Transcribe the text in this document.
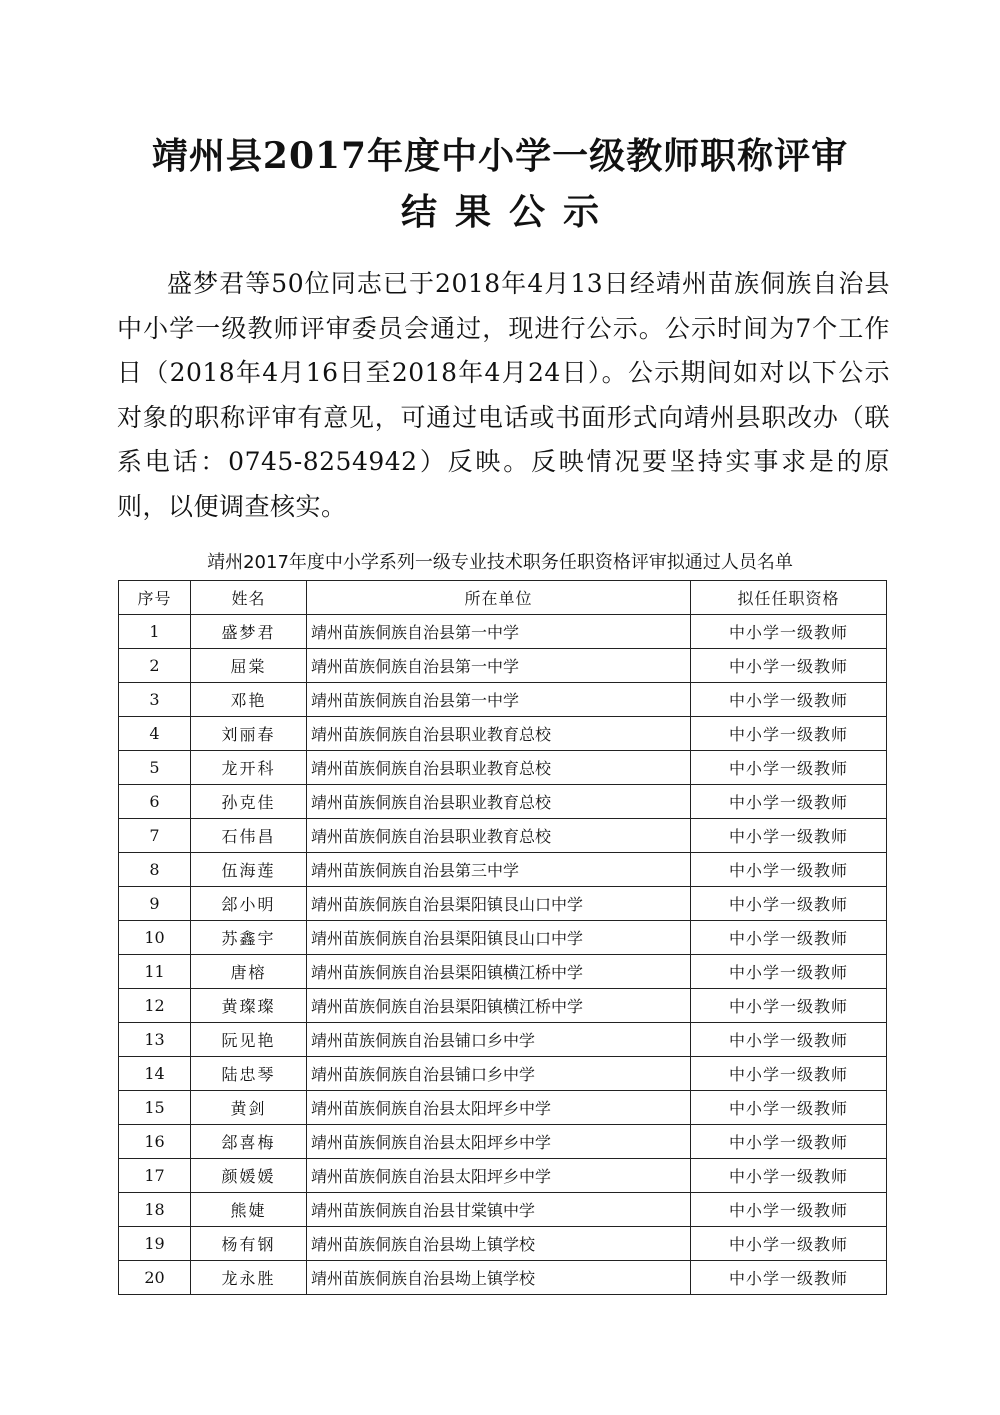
靖州县2017年度中小学一级教师职称评审
结果公示
盛梦君等50位同志已于2018年4月13日经靖州苗族侗族自治县中小学一级教师评审委员会通过，现进行公示。公示时间为7个工作日（2018年4月16日至2018年4月24日）。公示期间如对以下公示对象的职称评审有意见，可通过电话或书面形式向靖州县职改办（联系电话：0745-8254942）反映。反映情况要坚持实事求是的原则，以便调查核实。
靖州2017年度中小学系列一级专业技术职务任职资格评审拟通过人员名单
序号	姓名	所在单位	拟任任职资格
1	盛梦君	靖州苗族侗族自治县第一中学	中小学一级教师
2	屈棠	靖州苗族侗族自治县第一中学	中小学一级教师
3	邓艳	靖州苗族侗族自治县第一中学	中小学一级教师
4	刘丽春	靖州苗族侗族自治县职业教育总校	中小学一级教师
5	龙开科	靖州苗族侗族自治县职业教育总校	中小学一级教师
6	孙克佳	靖州苗族侗族自治县职业教育总校	中小学一级教师
7	石伟昌	靖州苗族侗族自治县职业教育总校	中小学一级教师
8	伍海莲	靖州苗族侗族自治县第三中学	中小学一级教师
9	郐小明	靖州苗族侗族自治县渠阳镇艮山口中学	中小学一级教师
10	苏鑫宇	靖州苗族侗族自治县渠阳镇艮山口中学	中小学一级教师
11	唐榕	靖州苗族侗族自治县渠阳镇横江桥中学	中小学一级教师
12	黄璨璨	靖州苗族侗族自治县渠阳镇横江桥中学	中小学一级教师
13	阮见艳	靖州苗族侗族自治县铺口乡中学	中小学一级教师
14	陆忠琴	靖州苗族侗族自治县铺口乡中学	中小学一级教师
15	黄剑	靖州苗族侗族自治县太阳坪乡中学	中小学一级教师
16	郐喜梅	靖州苗族侗族自治县太阳坪乡中学	中小学一级教师
17	颜媛媛	靖州苗族侗族自治县太阳坪乡中学	中小学一级教师
18	熊婕	靖州苗族侗族自治县甘棠镇中学	中小学一级教师
19	杨有钢	靖州苗族侗族自治县坳上镇学校	中小学一级教师
20	龙永胜	靖州苗族侗族自治县坳上镇学校	中小学一级教师
